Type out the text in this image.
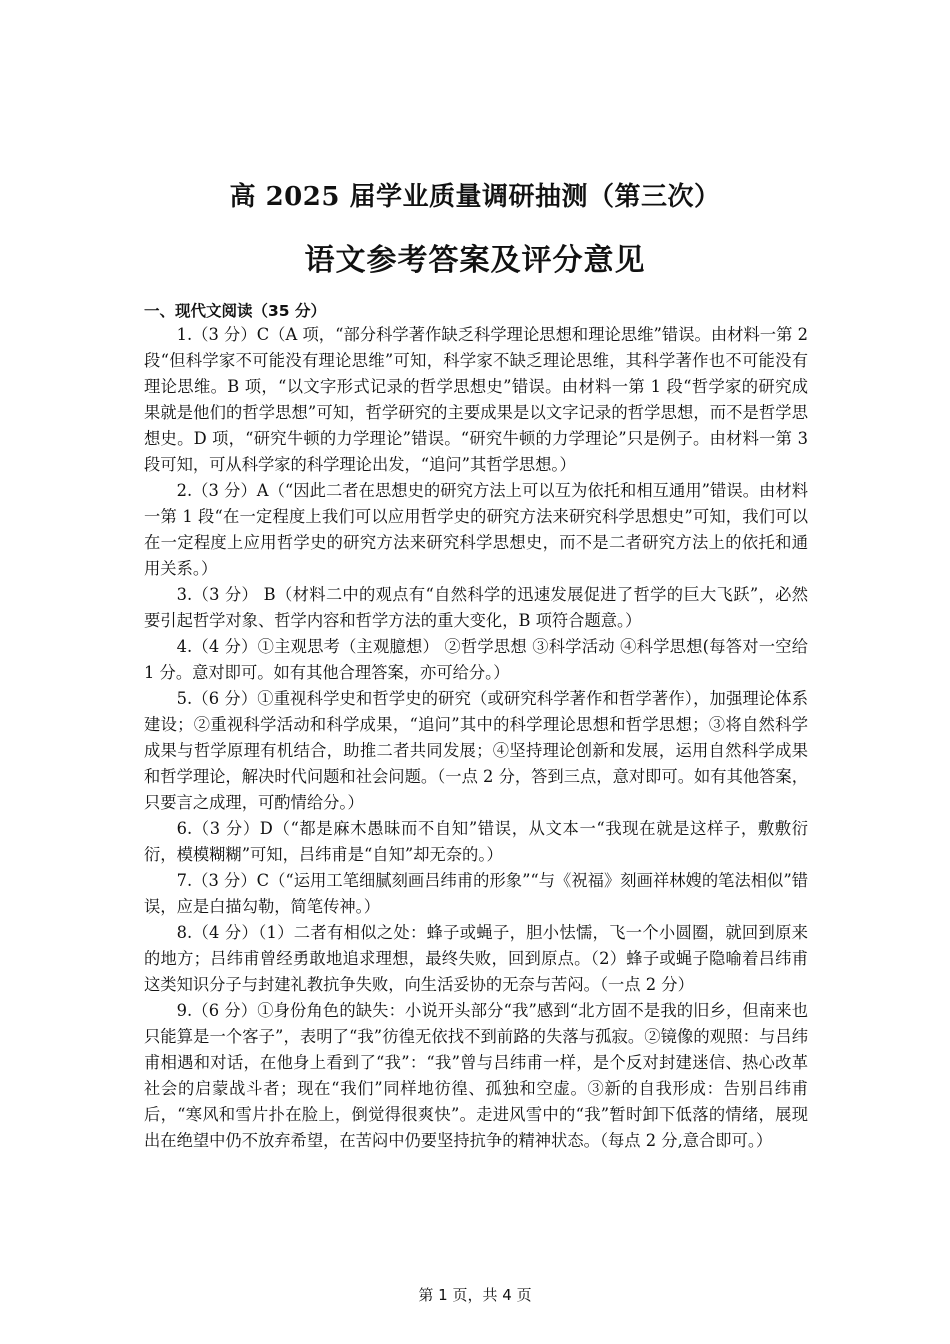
高 2025 届学业质量调研抽测（第三次）
语文参考答案及评分意见
一、现代文阅读（35 分）

1.（3 分）C（A 项，“部分科学著作缺乏科学理论思想和理论思维”错误。由材料一第 2 段“但科学家不可能没有理论思维”可知，科学家不缺乏理论思维，其科学著作也不可能没有理论思维。B 项，“以文字形式记录的哲学思想史”错误。由材料一第 1 段“哲学家的研究成果就是他们的哲学思想”可知，哲学研究的主要成果是以文字记录的哲学思想，而不是哲学思想史。D 项，“研究牛顿的力学理论”错误。“研究牛顿的力学理论”只是例子。由材料一第 3 段可知，可从科学家的科学理论出发，“追问”其哲学思想。）

2.（3 分）A（“因此二者在思想史的研究方法上可以互为依托和相互通用”错误。由材料一第 1 段“在一定程度上我们可以应用哲学史的研究方法来研究科学思想史”可知，我们可以在一定程度上应用哲学史的研究方法来研究科学思想史，而不是二者研究方法上的依托和通用关系。）

3.（3 分） B（材料二中的观点有“自然科学的迅速发展促进了哲学的巨大飞跃”，必然要引起哲学对象、哲学内容和哲学方法的重大变化，B 项符合题意。）

4.（4 分）①主观思考（主观臆想） ②哲学思想 ③科学活动 ④科学思想(每答对一空给 1 分。意对即可。如有其他合理答案，亦可给分。）

5.（6 分）①重视科学史和哲学史的研究（或研究科学著作和哲学著作），加强理论体系建设；②重视科学活动和科学成果，“追问”其中的科学理论思想和哲学思想；③将自然科学成果与哲学原理有机结合，助推二者共同发展；④坚持理论创新和发展，运用自然科学成果和哲学理论，解决时代问题和社会问题。（一点 2 分，答到三点，意对即可。如有其他答案，只要言之成理，可酌情给分。）

6.（3 分）D（“都是麻木愚昧而不自知”错误，从文本一“我现在就是这样子，敷敷衍衍，模模糊糊”可知，吕纬甫是“自知”却无奈的。）

7.（3 分）C（“运用工笔细腻刻画吕纬甫的形象”“与《祝福》刻画祥林嫂的笔法相似”错误，应是白描勾勒，简笔传神。）

8.（4 分）（1）二者有相似之处：蜂子或蝇子，胆小怯懦，飞一个小圆圈，就回到原来的地方；吕纬甫曾经勇敢地追求理想，最终失败，回到原点。（2）蜂子或蝇子隐喻着吕纬甫这类知识分子与封建礼教抗争失败，向生活妥协的无奈与苦闷。（一点 2 分）

9.（6 分）①身份角色的缺失：小说开头部分“我”感到“北方固不是我的旧乡，但南来也只能算是一个客子”，表明了“我”彷徨无依找不到前路的失落与孤寂。②镜像的观照：与吕纬甫相遇和对话，在他身上看到了“我”：“我”曾与吕纬甫一样，是个反对封建迷信、热心改革社会的启蒙战斗者；现在“我们”同样地彷徨、孤独和空虚。③新的自我形成：告别吕纬甫后，“寒风和雪片扑在脸上，倒觉得很爽快”。走进风雪中的“我”暂时卸下低落的情绪，展现出在绝望中仍不放弃希望，在苦闷中仍要坚持抗争的精神状态。（每点 2 分,意合即可。）

第 1 页，共 4 页
